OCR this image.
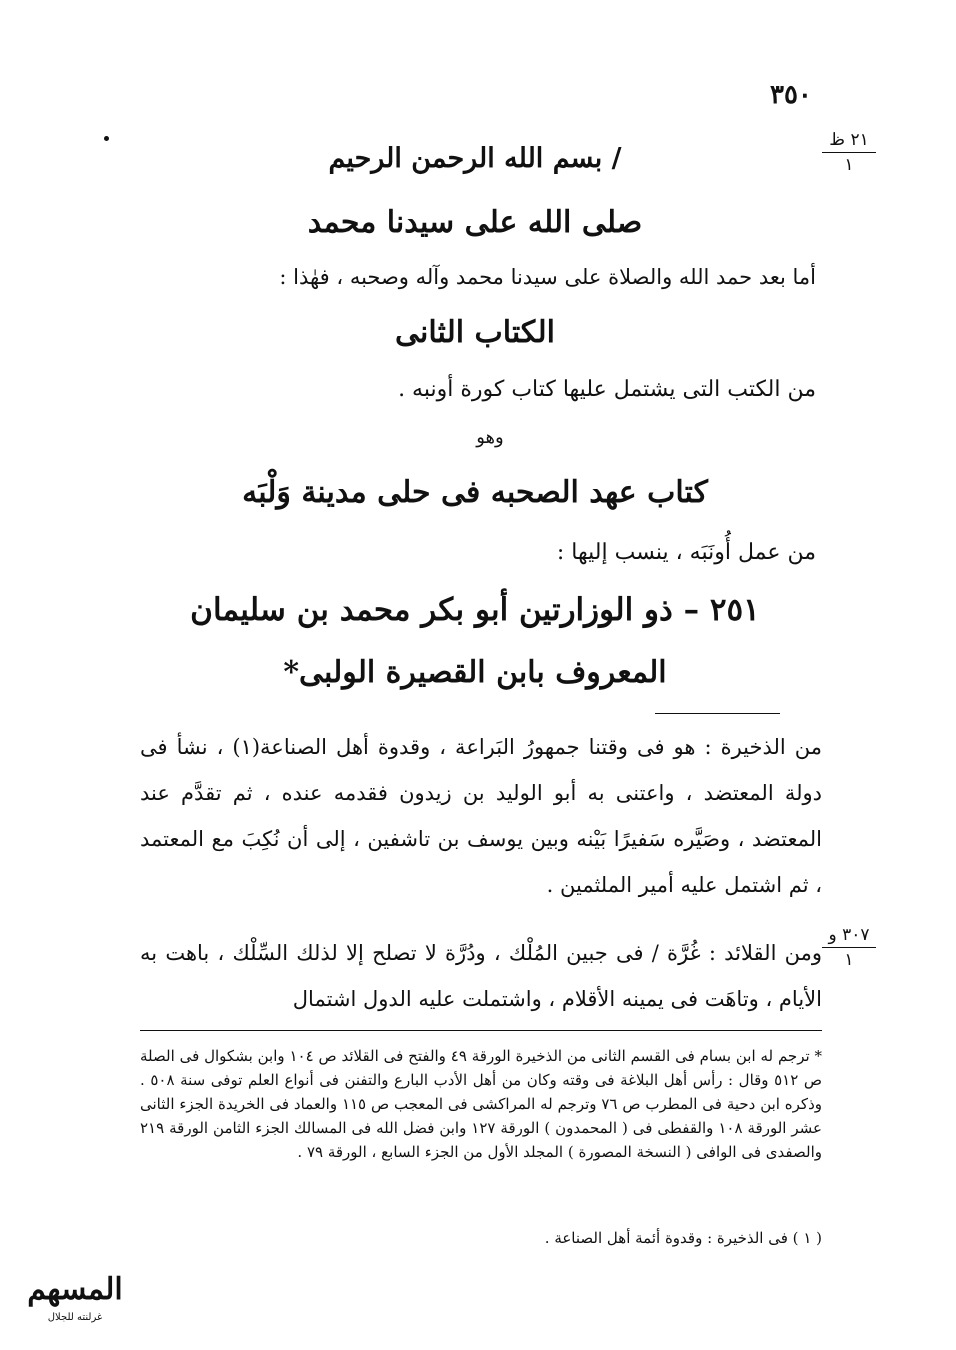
٣٥٠
٢١ ظ
١
٣٠٧ و
١
/ بسم الله الرحمن الرحيم
صلى الله على سيدنا محمد
أما بعد حمد الله والصلاة على سيدنا محمد وآله وصحبه ، فهٰذا :
الكتاب الثانى
من الكتب التى يشتمل عليها كتاب كورة أونبه .
وهو
كتاب عهد الصحبه فى حلى مدينة وَلْبَه
من عمل أُونَبَه ، ينسب إليها :
٢٥١ – ذو الوزارتين أبو بكر محمد بن سليمان
المعروف بابن القصيرة الولبى*
من الذخيرة : هو فى وقتنا جمهورُ البَراعة ، وقدوة أهل الصناعة(١) ، نشأ فى دولة المعتضد ، واعتنى به أبو الوليد بن زيدون فقدمه عنده ، ثم تقدَّم عند المعتضد ، وصَيَّره سَفيرًا بَيْنه وبين يوسف بن تاشفين ، إلى أن نُكِبَ مع المعتمد ، ثم اشتمل عليه أمير الملثمين .
ومن القلائد : غُرَّة / فى جبين المُلْك ، ودُرَّة لا تصلح إلا لذلك السِّلْك ، باهت به الأيام ، وتاهَت فى يمينه الأقلام ، واشتملت عليه الدول اشتمال
* ترجم له ابن بسام فى القسم الثانى من الذخيرة الورقة ٤٩ والفتح فى القلائد ص ١٠٤ وابن بشكوال فى الصلة ص ٥١٢ وقال : رأس أهل البلاغة فى وقته وكان من أهل الأدب البارع والتفنن فى أنواع العلم توفى سنة ٥٠٨ . وذكره ابن دحية فى المطرب ص ٧٦ وترجم له المراكشى فى المعجب ص ١١٥ والعماد فى الخريدة الجزء الثانى عشر الورقة ١٠٨ والقفطى فى ( المحمدون ) الورقة ١٢٧ وابن فضل الله فى المسالك الجزء الثامن الورقة ٢١٩ والصفدى فى الوافى ( النسخة المصورة ) المجلد الأول من الجزء السابع ، الورقة ٧٩ .
( ١ ) فى الذخيرة : وقدوة أئمة أهل الصناعة .
المسهم
غرلنته للجلال
